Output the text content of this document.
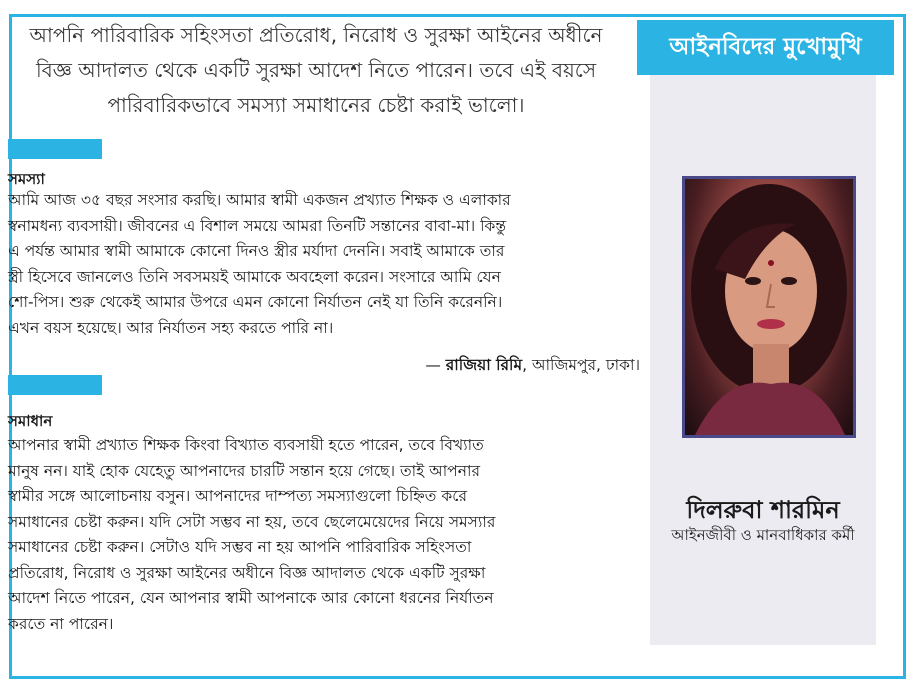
আপনি পারিবারিক সহিংসতা প্রতিরোধ, নিরোধ ও সুরক্ষা আইনের অধীনে
বিজ্ঞ আদালত থেকে একটি সুরক্ষা আদেশ নিতে পারেন। তবে এই বয়সে
পারিবারিকভাবে সমস্যা সমাধানের চেষ্টা করাই ভালো।
সমস্যা
আমি আজ ৩৫ বছর সংসার করছি। আমার স্বামী একজন প্রখ্যাত শিক্ষক ও এলাকার
স্বনামধন্য ব্যবসায়ী। জীবনের এ বিশাল সময়ে আমরা তিনটি সন্তানের বাবা-মা। কিন্তু
এ পর্যন্ত আমার স্বামী আমাকে কোনো দিনও স্ত্রীর মর্যাদা দেননি। সবাই আমাকে তার
স্ত্রী হিসেবে জানলেও তিনি সবসময়ই আমাকে অবহেলা করেন। সংসারে আমি যেন
শো-পিস। শুরু থেকেই আমার উপরে এমন কোনো নির্যাতন নেই যা তিনি করেননি।
এখন বয়স হয়েছে। আর নির্যাতন সহ্য করতে পারি না।
— রাজিয়া রিমি, আজিমপুর, ঢাকা।
সমাধান
আপনার স্বামী প্রখ্যাত শিক্ষক কিংবা বিখ্যাত ব্যবসায়ী হতে পারেন, তবে বিখ্যাত
মানুষ নন। যাই হোক যেহেতু আপনাদের চারটি সন্তান হয়ে গেছে। তাই আপনার
স্বামীর সঙ্গে আলোচনায় বসুন। আপনাদের দাম্পত্য সমস্যাগুলো চিহ্নিত করে
সমাধানের চেষ্টা করুন। যদি সেটা সম্ভব না হয়, তবে ছেলেমেয়েদের নিয়ে সমস্যার
সমাধানের চেষ্টা করুন। সেটাও যদি সম্ভব না হয় আপনি পারিবারিক সহিংসতা
প্রতিরোধ, নিরোধ ও সুরক্ষা আইনের অধীনে বিজ্ঞ আদালত থেকে একটি সুরক্ষা
আদেশ নিতে পারেন, যেন আপনার স্বামী আপনাকে আর কোনো ধরনের নির্যাতন
করতে না পারেন।
আইনবিদের মুখোমুখি
দিলরুবা শারমিন
আইনজীবী ও মানবাধিকার কর্মী
